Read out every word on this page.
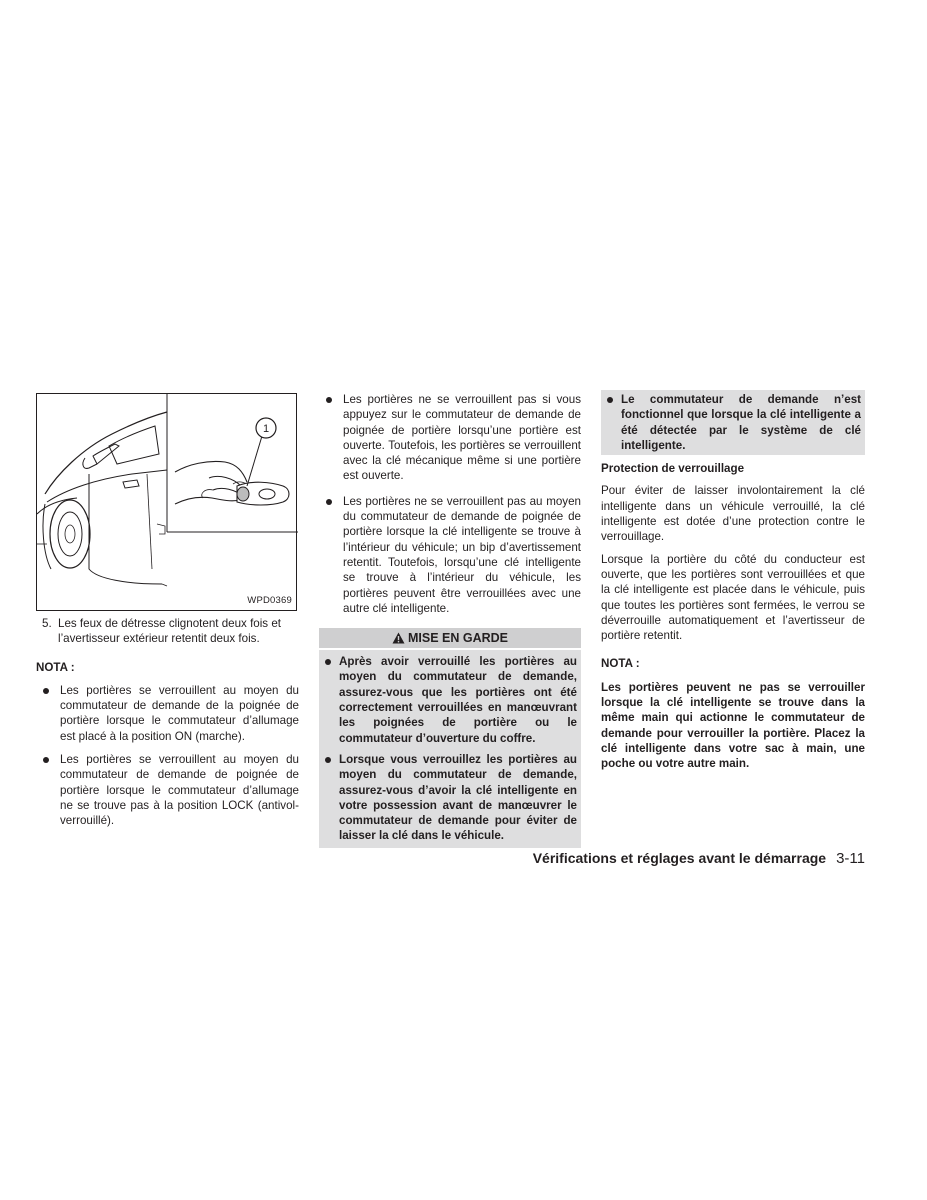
1
WPD0369
5. Les feux de détresse clignotent deux fois et l’avertisseur extérieur retentit deux fois.
NOTA :
Les portières se verrouillent au moyen du commutateur de demande de la poignée de portière lorsque le commutateur d’allumage est placé à la position ON (marche).
Les portières se verrouillent au moyen du commutateur de demande de poignée de portière lorsque le commutateur d’allumage ne se trouve pas à la position LOCK (antivol-verrouillé).
Les portières ne se verrouillent pas si vous appuyez sur le commutateur de demande de poignée de portière lorsqu’une portière est ouverte. Toutefois, les portières se verrouillent avec la clé mécanique même si une portière est ouverte.
Les portières ne se verrouillent pas au moyen du commutateur de demande de poignée de portière lorsque la clé intelligente se trouve à l’intérieur du véhicule; un bip d’avertissement retentit. Toutefois, lorsqu’une clé intelligente se trouve à l’intérieur du véhicule, les portières peuvent être verrouillées avec une autre clé intelligente.
MISE EN GARDE
Après avoir verrouillé les portières au moyen du commutateur de demande, assurez-vous que les portières ont été correctement verrouillées en manœuvrant les poignées de portière ou le commutateur d’ouverture du coffre.
Lorsque vous verrouillez les portières au moyen du commutateur de demande, assurez-vous d’avoir la clé intelligente en votre possession avant de manœuvrer le commutateur de demande pour éviter de laisser la clé dans le véhicule.
Le commutateur de demande n’est fonctionnel que lorsque la clé intelligente a été détectée par le système de clé intelligente.
Protection de verrouillage
Pour éviter de laisser involontairement la clé intelligente dans un véhicule verrouillé, la clé intelligente est dotée d’une protection contre le verrouillage.
Lorsque la portière du côté du conducteur est ouverte, que les portières sont verrouillées et que la clé intelligente est placée dans le véhicule, puis que toutes les portières sont fermées, le verrou se déverrouille automatiquement et l’avertisseur de portière retentit.
NOTA :
Les portières peuvent ne pas se verrouiller lorsque la clé intelligente se trouve dans la même main qui actionne le commutateur de demande pour verrouiller la portière. Placez la clé intelligente dans votre sac à main, une poche ou votre autre main.
Vérifications et réglages avant le démarrage 3-11
